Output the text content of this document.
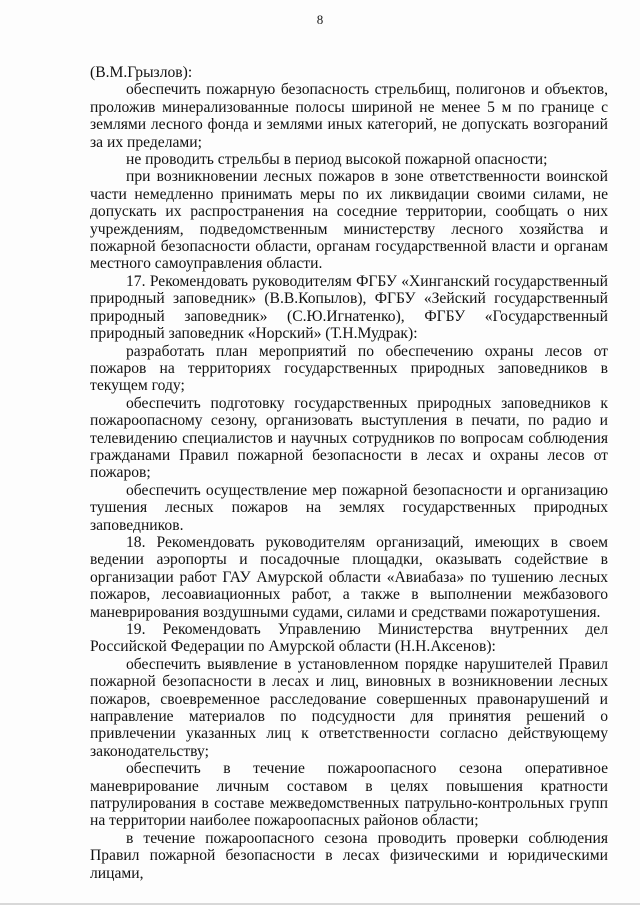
8

(В.М.Грызлов):

обеспечить пожарную безопасность стрельбищ, полигонов и объектов, проложив минерализованные полосы шириной не менее 5 м по границе с землями лесного фонда и землями иных категорий, не допускать возгораний за их пределами;

не проводить стрельбы в период высокой пожарной опасности;

при возникновении лесных пожаров в зоне ответственности воинской части немедленно принимать меры по их ликвидации своими силами, не допускать их распространения на соседние территории, сообщать о них учреждениям, подведомственным министерству лесного хозяйства и пожарной безопасности области, органам государственной власти и органам местного самоуправления области.

17. Рекомендовать руководителям ФГБУ «Хинганский государственный природный заповедник» (В.В.Копылов), ФГБУ «Зейский государственный природный заповедник» (С.Ю.Игнатенко), ФГБУ «Государственный природный заповедник «Норский» (Т.Н.Мудрак):

разработать план мероприятий по обеспечению охраны лесов от пожаров на территориях государственных природных заповедников в текущем году;

обеспечить подготовку государственных природных заповедников к пожароопасному сезону, организовать выступления в печати, по радио и телевидению специалистов и научных сотрудников по вопросам соблюдения гражданами Правил пожарной безопасности в лесах и охраны лесов от пожаров;

обеспечить осуществление мер пожарной безопасности и организацию тушения лесных пожаров на землях государственных природных заповедников.

18. Рекомендовать руководителям организаций, имеющих в своем ведении аэропорты и посадочные площадки, оказывать содействие в организации работ ГАУ Амурской области «Авиабаза» по тушению лесных пожаров, лесоавиационных работ, а также в выполнении межбазового маневрирования воздушными судами, силами и средствами пожаротушения.

19. Рекомендовать Управлению Министерства внутренних дел Российской Федерации по Амурской области (Н.Н.Аксенов):

обеспечить выявление в установленном порядке нарушителей Правил пожарной безопасности в лесах и лиц, виновных в возникновении лесных пожаров, своевременное расследование совершенных правонарушений и направление материалов по подсудности для принятия решений о привлечении указанных лиц к ответственности согласно действующему законодательству;

обеспечить в течение пожароопасного сезона оперативное маневрирование личным составом в целях повышения кратности патрулирования в составе межведомственных патрульно-контрольных групп на территории наиболее пожароопасных районов области;

в течение пожароопасного сезона проводить проверки соблюдения Правил пожарной безопасности в лесах физическими и юридическими лицами,
